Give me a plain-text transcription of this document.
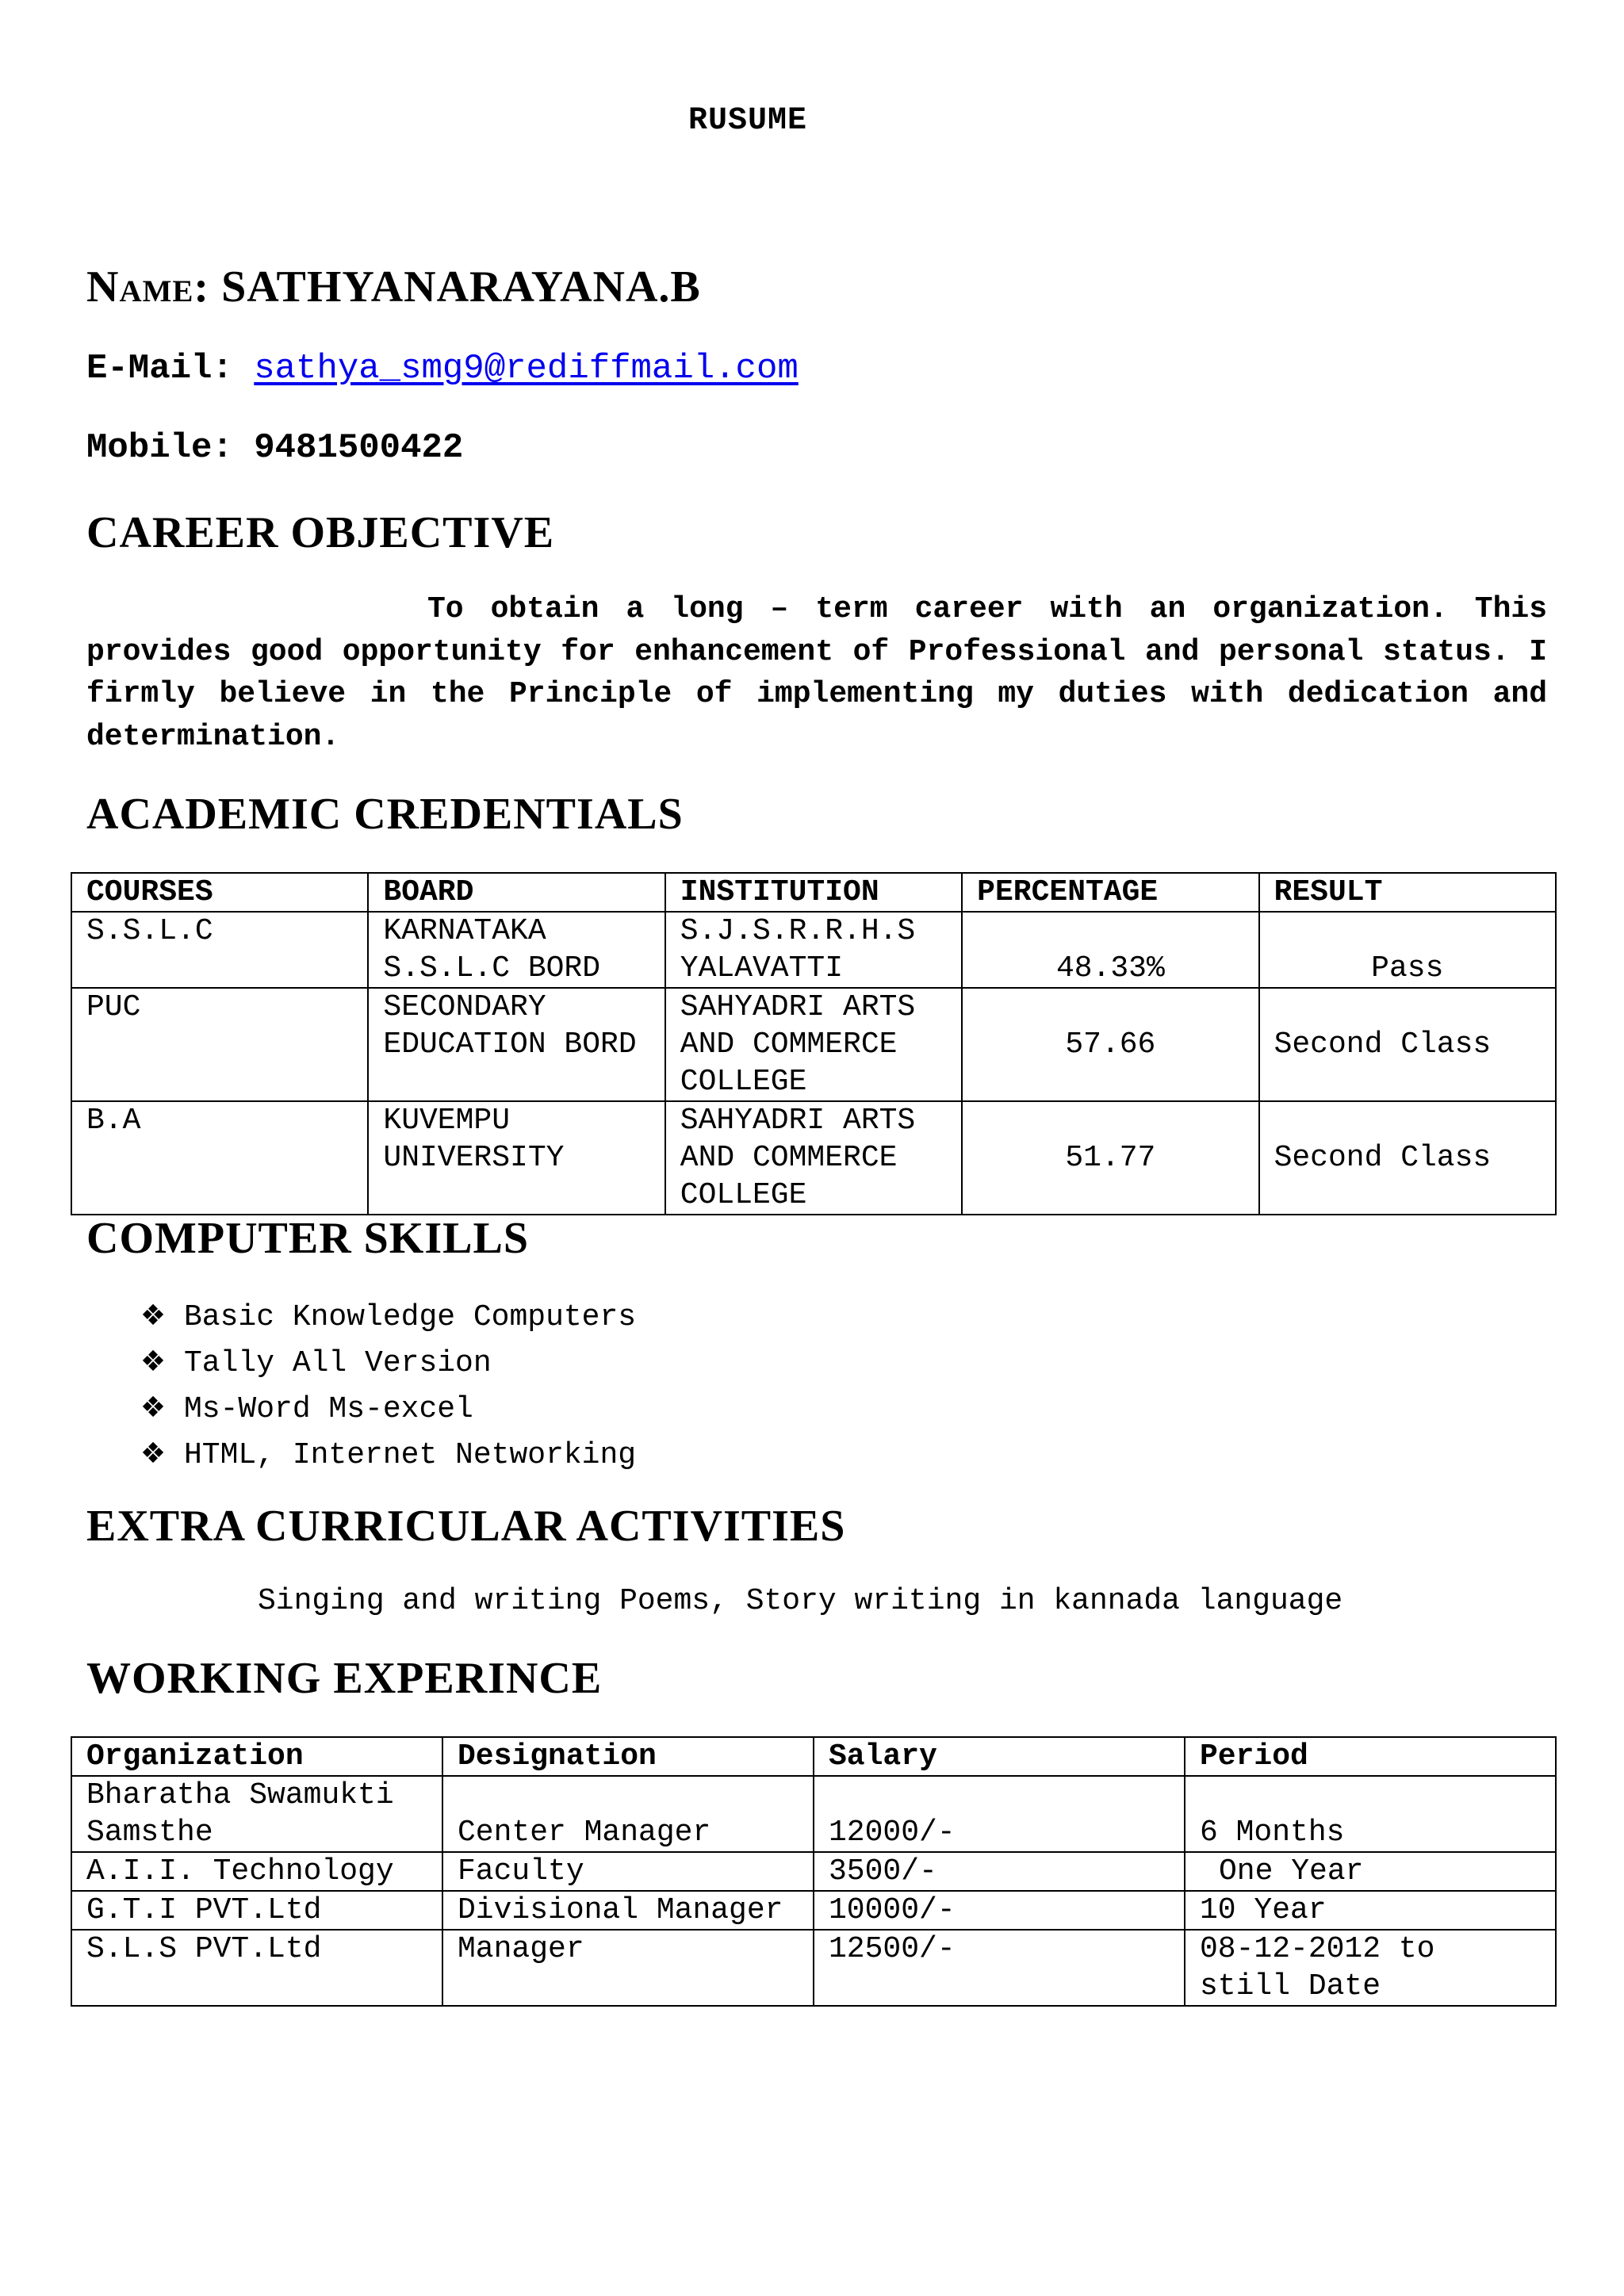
RUSUME
Name: SATHYANARAYANA.B
E-Mail: sathya_smg9@rediffmail.com
Mobile: 9481500422
CAREER OBJECTIVE
To obtain a long – term career with an organization. This provides good opportunity for enhancement of Professional and personal status. I firmly believe in the Principle of implementing my duties with dedication and determination.
ACADEMIC CREDENTIALS
COURSES	BOARD	INSTITUTION	PERCENTAGE	RESULT
S.S.L.C	KARNATAKA S.S.L.C BORD	S.J.S.R.R.H.S YALAVATTI	48.33%	Pass
PUC	SECONDARY EDUCATION BORD	SAHYADRI ARTS AND COMMERCE COLLEGE	57.66	Second Class
B.A	KUVEMPU UNIVERSITY	SAHYADRI ARTS AND COMMERCE COLLEGE	51.77	Second Class
COMPUTER SKILLS
❖ Basic Knowledge Computers
❖ Tally All Version
❖ Ms-Word Ms-excel
❖ HTML, Internet Networking
EXTRA CURRICULAR ACTIVITIES
Singing and writing Poems, Story writing in kannada language
WORKING EXPERINCE
Organization	Designation	Salary	Period
Bharatha Swamukti Samsthe	Center Manager	12000/-	6 Months
A.I.I. Technology	Faculty	3500/-	One Year
G.T.I PVT.Ltd	Divisional Manager	10000/-	10 Year
S.L.S PVT.Ltd	Manager	12500/-	08-12-2012 to still Date
